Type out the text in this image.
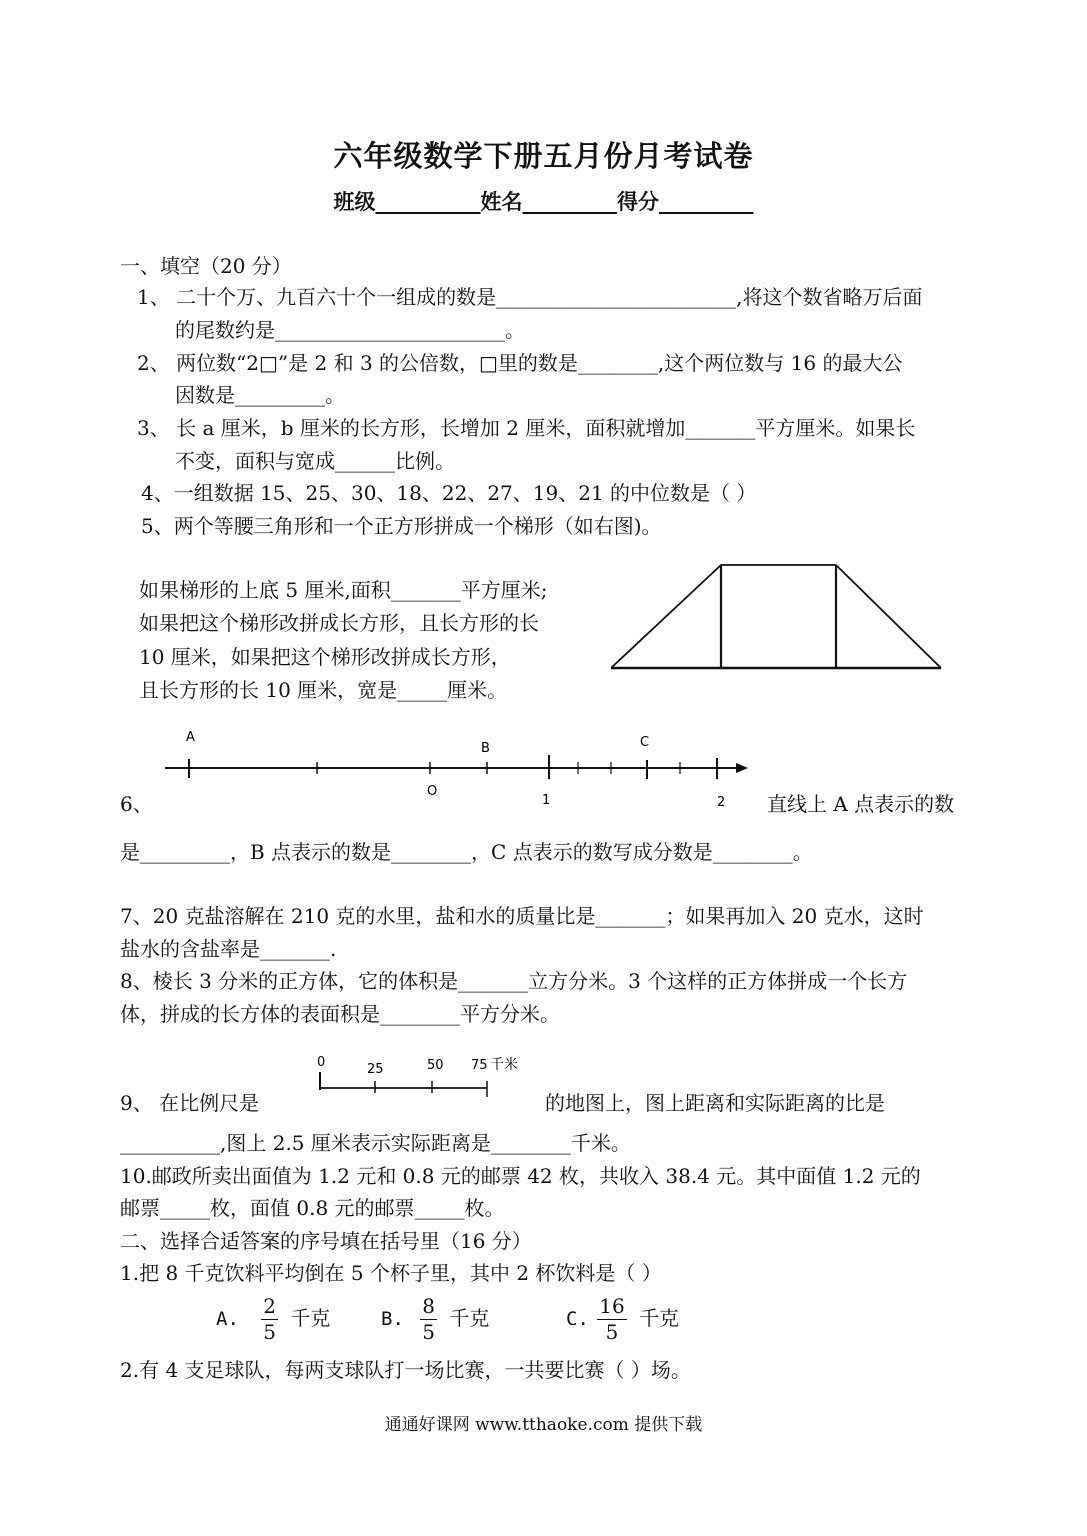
六年级数学下册五月份月考试卷
班级__________姓名_________得分_________
一、填空（20 分）
1、 二十个万、九百六十个一组成的数是________________________,将这个数省略万后面
的尾数约是_______________________。
2、 两位数“2□”是 2 和 3 的公倍数，□里的数是________,这个两位数与 16 的最大公
因数是_________。
3、 长 a 厘米，b 厘米的长方形，长增加 2 厘米，面积就增加_______平方厘米。如果长
不变，面积与宽成______比例。
4、一组数据 15、25、30、18、22、27、19、21 的中位数是（ ）
5、两个等腰三角形和一个正方形拼成一个梯形（如右图)。
如果梯形的上底 5 厘米,面积_______平方厘米;
如果把这个梯形改拼成长方形，且长方形的长
10 厘米，如果把这个梯形改拼成长方形，
且长方形的长 10 厘米，宽是_____厘米。
A
B	C
O
1	2
6、	直线上 A 点表示的数
是_________，B 点表示的数是________，C 点表示的数写成分数是________。
7、20 克盐溶解在 210 克的水里，盐和水的质量比是_______；如果再加入 20 克水，这时
盐水的含盐率是_______.
8、棱长 3 分米的正方体，它的体积是_______立方分米。3 个这样的正方体拼成一个长方
体，拼成的长方体的表面积是________平方分米。
0	25	50 75 千米
9、 在比例尺是	的地图上，图上距离和实际距离的比是
__________,图上 2.5 厘米表示实际距离是________千米。
10.邮政所卖出面值为 1.2 元和 0.8 元的邮票 42 枚，共收入 38.4 元。其中面值 1.2 元的
邮票_____枚，面值 0.8 元的邮票_____枚。
二、选择合适答案的序号填在括号里（16 分）
1.把 8 千克饮料平均倒在 5 个杯子里，其中 2 杯饮料是（ ）
A. $\frac{2}{5}$ 千克	B. $\frac{8}{5}$ 千克	C. $\frac{16}{5}$ 千克
2.有 4 支足球队，每两支球队打一场比赛，一共要比赛（ ）场。
通通好课网 www.tthaoke.com 提供下载
